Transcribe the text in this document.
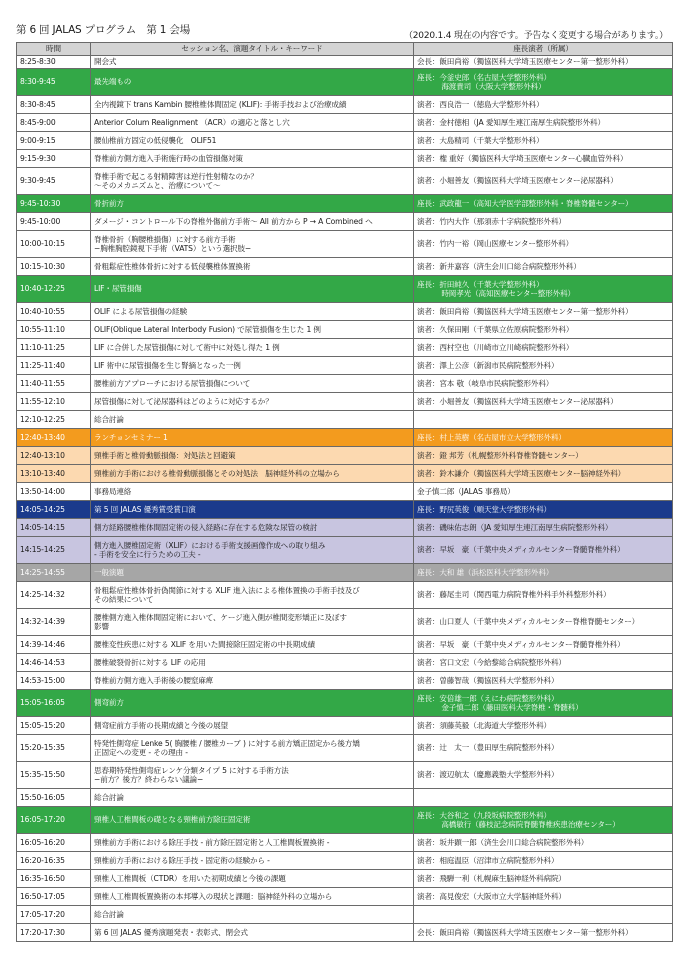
第 6 回 JALAS プログラム　第 1 会場	（2020.1.4 現在の内容です。予告なく変更する場合があります。）
時間	セッション名、演題タイトル・キーワード	座長演者（所属）
8:25-8:30	開会式	会長：飯田尚裕（獨協医科大学埼玉医療センター第一整形外科）

8:30-9:45	最先端もの	座長：今釜史郎（名古屋大学整形外科）
海渡貴司（大阪大学整形外科）

8:30-8:45	全内視鏡下 trans Kambin 腰椎椎体間固定 (KLIF): 手術手技および治療成績	演者：西良浩一（徳島大学整形外科）

8:45-9:00	Anterior Colum Realignment （ACR）の適応と落とし穴	演者：金村徳相（JA 愛知厚生連江南厚生病院整形外科）

9:00-9:15	腰仙椎前方固定の低侵襲化　OLIF51	演者：大島精司（千葉大学整形外科）

9:15-9:30	脊椎前方側方進入手術施行時の血管損傷対策	演者：権 重好（獨協医科大学埼玉医療センター心臓血管外科）

9:30-9:45	脊椎手術で起こる射精障害は逆行性射精なのか？
〜そのメカニズムと、治療について〜	演者：小堀善友（獨協医科大学埼玉医療センター泌尿器科）

9:45-10:30	骨折前方	座長：武政龍一（高知大学医学部整形外科・脊椎脊髄センター）

9:45-10:00	ダメージ・コントロール下の脊椎外傷前方手術〜 All 前方から P → A Combined へ	演者：竹内大作（那須赤十字病院整形外科）

10:00-10:15	脊椎骨折（胸腰椎損傷）に対する前方手術
−胸椎胸腔鏡視下手術（VATS）という選択肢−	演者：竹内一裕（岡山医療センター整形外科）

10:15-10:30	骨粗鬆症性椎体骨折に対する低侵襲椎体置換術	演者：新井嘉容（済生会川口総合病院整形外科）

10:40-12:25	LIF・尿管損傷	座長：折田純久（千葉大学整形外科）
時岡孝光（高知医療センター整形外科）

10:40-10:55	OLIF による尿管損傷の経験	演者：飯田尚裕（獨協医科大学埼玉医療センター第一整形外科）

10:55-11:10	OLIF(Oblique Lateral Interbody Fusion) で尿管損傷を生じた 1 例	演者：久保田剛（千葉県立佐原病院整形外科）

11:10-11:25	LIF に合併した尿管損傷に対して術中に対処し得た 1 例	演者：西村空也（川崎市立川崎病院整形外科）

11:25-11:40	LIF 術中に尿管損傷を生じ腎摘となった一例	演者：澤上公彦（新潟市民病院整形外科）

11:40-11:55	腰椎前方アプローチにおける尿管損傷について	演者：宮本 敬（岐阜市民病院整形外科）

11:55-12:10	尿管損傷に対して泌尿器科はどのように対応するか？	演者：小堀善友（獨協医科大学埼玉医療センター泌尿器科）

12:10-12:25	総合討論	

12:40-13:40	ランチョンセミナー 1	座長：村上英樹（名古屋市立大学整形外科）

12:40-13:10	頸椎手術と椎骨動脈損傷：対処法と回避策	演者：鐙 邦芳（札幌整形外科脊椎脊髄センター）

13:10-13:40	頸椎前方手術における椎骨動脈損傷とその対処法　脳神経外科の立場から	演者：鈴木謙介（獨協医科大学埼玉医療センター脳神経外科）

13:50-14:00	事務局連絡	金子慎二郎（JALAS 事務局）

14:05-14:25	第 5 回 JALAS 優秀賞受賞口演	座長：野尻英俊（順天堂大学整形外科）

14:05-14:15	側方経路腰椎椎体間固定術の侵入経路に存在する危険な尿管の検討	演者：磯味佑志朗（JA 愛知厚生連江南厚生病院整形外科）

14:15-14:25	側方進入腰椎固定術（XLIF）における手術支援画像作成への取り組み
- 手術を安全に行うための工夫 -	演者：早坂　豪（千葉中央メディカルセンター脊髄脊椎外科）

14:25-14:55	一般演題	座長：大和 雄（浜松医科大学整形外科）

14:25-14:32	骨粗鬆症性椎体骨折偽関節に対する XLIF 進入法による椎体置換の手術手技及び
その結果について	演者：藤尾圭司（関西電力病院脊椎外科手外科整形外科）

14:32-14:39	腰椎側方進入椎体間固定術において、ケージ進入側が椎間変形矯正に及ぼす
影響	演者：山口夏人（千葉中央メディカルセンター脊椎脊髄センター）

14:39-14:46	腰椎変性疾患に対する XLIF を用いた間接除圧固定術の中長期成績	演者：早坂　豪（千葉中央メディカルセンター脊髄脊椎外科）

14:46-14:53	腰椎破裂骨折に対する LIF の応用	演者：宮口文宏（今給黎総合病院整形外科）

14:53-15:00	脊椎前方側方進入手術後の腰窒麻痺	演者：曽藤智哉（獨協医科大学整形外科）

15:05-16:05	側弯前方	座長：安倍雄一郎（えにわ病院整形外科）
金子慎二郎（藤田医科大学脊椎・脊髄科）

15:05-15:20	側弯症前方手術の長期成績と今後の展望	演者：須藤英毅（北海道大学整形外科）

15:20-15:35	特発性側弯症 Lenke 5( 胸腰椎 / 腰椎カーブ ) に対する前方矯正固定から後方矯
正固定への変更 - その理由 -	演者：辻　太一（豊田厚生病院整形外科）

15:35-15:50	思春期特発性側弯症レンケ分類タイプ 5 に対する手術方法
−前方？後方？終わらない議論−	演者：渡辺航太（慶應義塾大学整形外科）

15:50-16:05	総合討論	

16:05-17:20	頸椎人工椎間板の礎となる頸椎前方除圧固定術	座長：大谷和之（九段坂病院整形外科）
高橋敏行（藤枝記念病院脊髄脊椎疾患治療センター）

16:05-16:20	頸椎前方手術における除圧手技 - 前方除圧固定術と人工椎間板置換術 -	演者：坂井顕一郎（済生会川口総合病院整形外科）

16:20-16:35	頸椎前方手術における除圧手技 - 固定術の経験から -	演者：相庭温臣（沼津市立病院整形外科）

16:35-16:50	頸椎人工椎間板（CTDR）を用いた初期成績と今後の課題	演者：飛騨一利（札幌麻生脳神経外科病院）

16:50-17:05	頸椎人工椎間板置換術の本邦導入の現状と課題：脳神経外科の立場から	演者：高見俊宏（大阪市立大学脳神経外科）

17:05-17:20	総合討論	

17:20-17:30	第 6 回 JALAS 優秀演題発表・表彰式、閉会式	会長：飯田尚裕（獨協医科大学埼玉医療センター第一整形外科）
